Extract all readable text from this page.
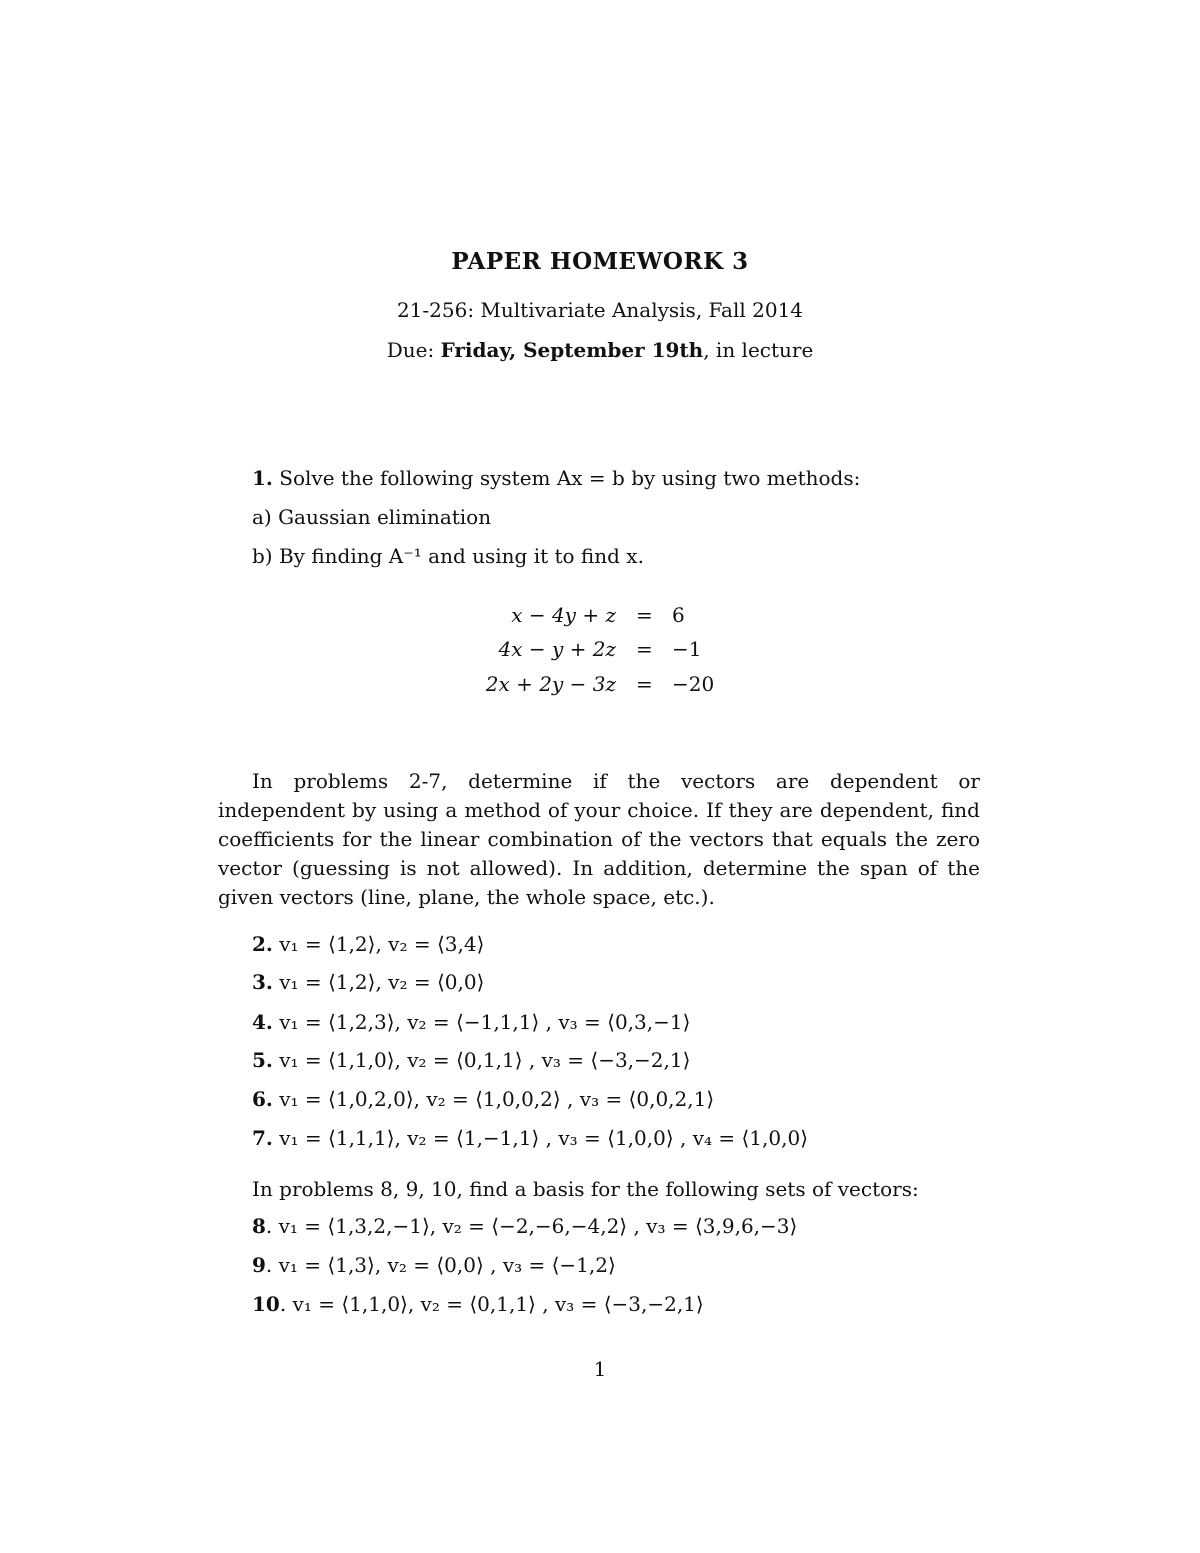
PAPER HOMEWORK 3
21-256: Multivariate Analysis, Fall 2014
Due: Friday, September 19th, in lecture
1. Solve the following system Ax = b by using two methods:
a) Gaussian elimination
b) By finding A⁻¹ and using it to find x.
x − 4y + z = 6
4x − y + 2z = −1
2x + 2y − 3z = −20
In problems 2-7, determine if the vectors are dependent or independent by using a method of your choice. If they are dependent, find coefficients for the linear combination of the vectors that equals the zero vector (guessing is not allowed). In addition, determine the span of the given vectors (line, plane, the whole space, etc.).
2. v₁ = ⟨1,2⟩, v₂ = ⟨3,4⟩
3. v₁ = ⟨1,2⟩, v₂ = ⟨0,0⟩
4. v₁ = ⟨1,2,3⟩, v₂ = ⟨−1,1,1⟩ , v₃ = ⟨0,3,−1⟩
5. v₁ = ⟨1,1,0⟩, v₂ = ⟨0,1,1⟩ , v₃ = ⟨−3,−2,1⟩
6. v₁ = ⟨1,0,2,0⟩, v₂ = ⟨1,0,0,2⟩ , v₃ = ⟨0,0,2,1⟩
7. v₁ = ⟨1,1,1⟩, v₂ = ⟨1,−1,1⟩ , v₃ = ⟨1,0,0⟩ , v₄ = ⟨1,0,0⟩
In problems 8, 9, 10, find a basis for the following sets of vectors:
8. v₁ = ⟨1,3,2,−1⟩, v₂ = ⟨−2,−6,−4,2⟩ , v₃ = ⟨3,9,6,−3⟩
9. v₁ = ⟨1,3⟩, v₂ = ⟨0,0⟩ , v₃ = ⟨−1,2⟩
10. v₁ = ⟨1,1,0⟩, v₂ = ⟨0,1,1⟩ , v₃ = ⟨−3,−2,1⟩
1
